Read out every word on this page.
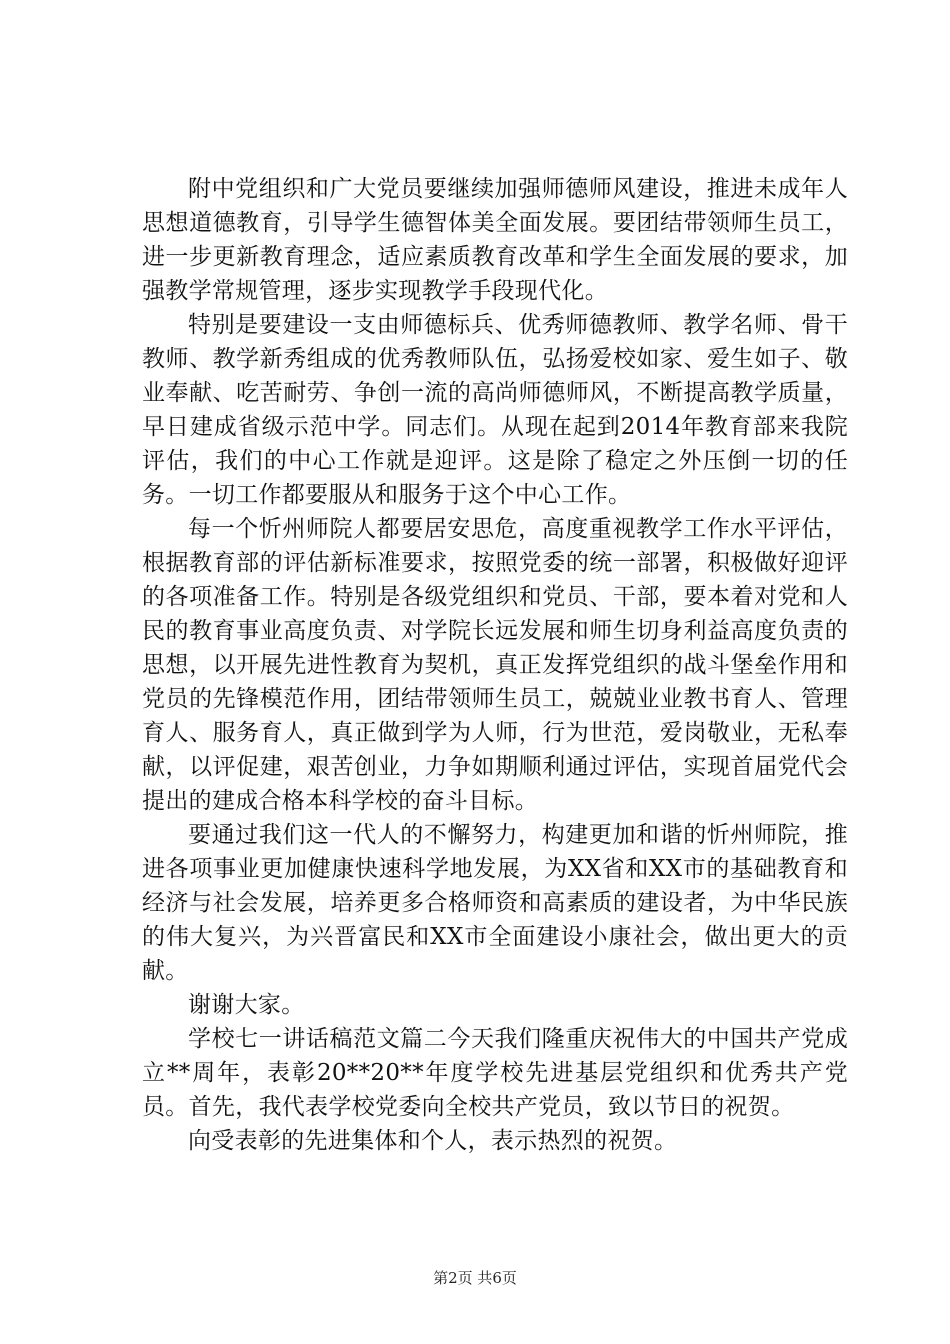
附中党组织和广大党员要继续加强师德师风建设，推进未成年人思想道德教育，引导学生德智体美全面发展。要团结带领师生员工，进一步更新教育理念，适应素质教育改革和学生全面发展的要求，加强教学常规管理，逐步实现教学手段现代化。

特别是要建设一支由师德标兵、优秀师德教师、教学名师、骨干教师、教学新秀组成的优秀教师队伍，弘扬爱校如家、爱生如子、敬业奉献、吃苦耐劳、争创一流的高尚师德师风，不断提高教学质量，早日建成省级示范中学。同志们。从现在起到2014年教育部来我院评估，我们的中心工作就是迎评。这是除了稳定之外压倒一切的任务。一切工作都要服从和服务于这个中心工作。

每一个忻州师院人都要居安思危，高度重视教学工作水平评估，根据教育部的评估新标准要求，按照党委的统一部署，积极做好迎评的各项准备工作。特别是各级党组织和党员、干部，要本着对党和人民的教育事业高度负责、对学院长远发展和师生切身利益高度负责的思想，以开展先进性教育为契机，真正发挥党组织的战斗堡垒作用和党员的先锋模范作用，团结带领师生员工，兢兢业业教书育人、管理育人、服务育人，真正做到学为人师，行为世范，爱岗敬业，无私奉献，以评促建，艰苦创业，力争如期顺利通过评估，实现首届党代会提出的建成合格本科学校的奋斗目标。

要通过我们这一代人的不懈努力，构建更加和谐的忻州师院，推进各项事业更加健康快速科学地发展，为XX省和XX市的基础教育和经济与社会发展，培养更多合格师资和高素质的建设者，为中华民族的伟大复兴，为兴晋富民和XX市全面建设小康社会，做出更大的贡献。

谢谢大家。

学校七一讲话稿范文篇二今天我们隆重庆祝伟大的中国共产党成立**周年，表彰20**20**年度学校先进基层党组织和优秀共产党员。首先，我代表学校党委向全校共产党员，致以节日的祝贺。

向受表彰的先进集体和个人，表示热烈的祝贺。

第2页 共6页
